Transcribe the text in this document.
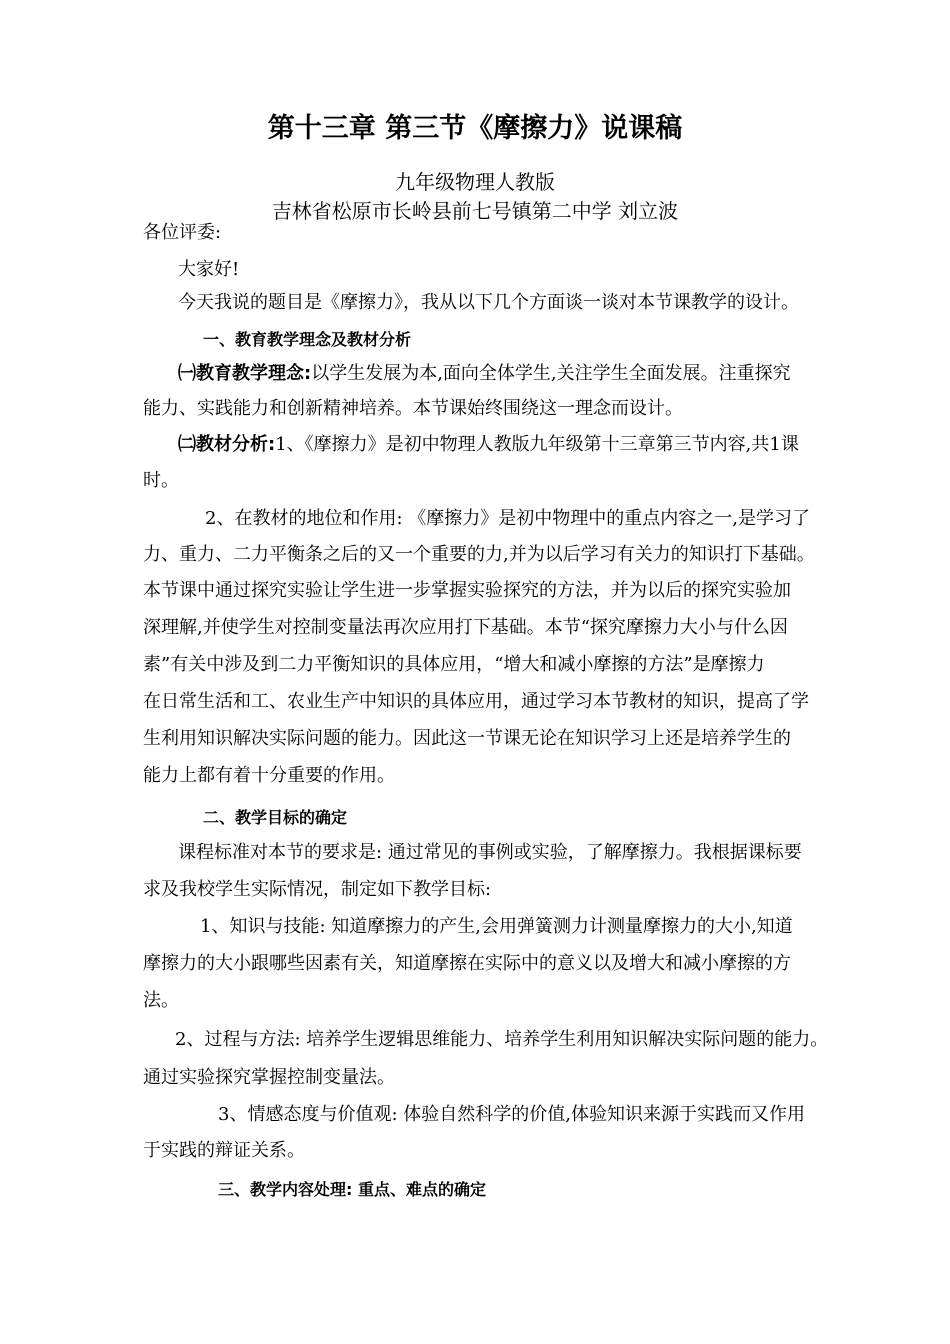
第十三章 第三节《摩擦力》说课稿
九年级物理人教版
吉林省松原市长岭县前七号镇第二中学 刘立波
各位评委:
大家好!
今天我说的题目是《摩擦力》，我从以下几个方面谈一谈对本节课教学的设计。
一、教育教学理念及教材分析
㈠教育教学理念:以学生发展为本,面向全体学生,关注学生全面发展。注重探究
能力、实践能力和创新精神培养。本节课始终围绕这一理念而设计。
㈡教材分析:1、《摩擦力》是初中物理人教版九年级第十三章第三节内容,共1课
时。
2、在教材的地位和作用: 《摩擦力》是初中物理中的重点内容之一,是学习了
力、重力、二力平衡条之后的又一个重要的力,并为以后学习有关力的知识打下基础。
本节课中通过探究实验让学生进一步掌握实验探究的方法，并为以后的探究实验加
深理解,并使学生对控制变量法再次应用打下基础。本节“探究摩擦力大小与什么因
素”有关中涉及到二力平衡知识的具体应用，“增大和减小摩擦的方法”是摩擦力
在日常生活和工、农业生产中知识的具体应用，通过学习本节教材的知识，提高了学
生利用知识解决实际问题的能力。因此这一节课无论在知识学习上还是培养学生的
能力上都有着十分重要的作用。
二、教学目标的确定
课程标准对本节的要求是: 通过常见的事例或实验，了解摩擦力。我根据课标要
求及我校学生实际情况，制定如下教学目标:
1、知识与技能: 知道摩擦力的产生,会用弹簧测力计测量摩擦力的大小,知道
摩擦力的大小跟哪些因素有关，知道摩擦在实际中的意义以及增大和减小摩擦的方
法。
2、过程与方法: 培养学生逻辑思维能力、培养学生利用知识解决实际问题的能力。
通过实验探究掌握控制变量法。
3、情感态度与价值观: 体验自然科学的价值,体验知识来源于实践而又作用
于实践的辩证关系。
三、教学内容处理: 重点、难点的确定
